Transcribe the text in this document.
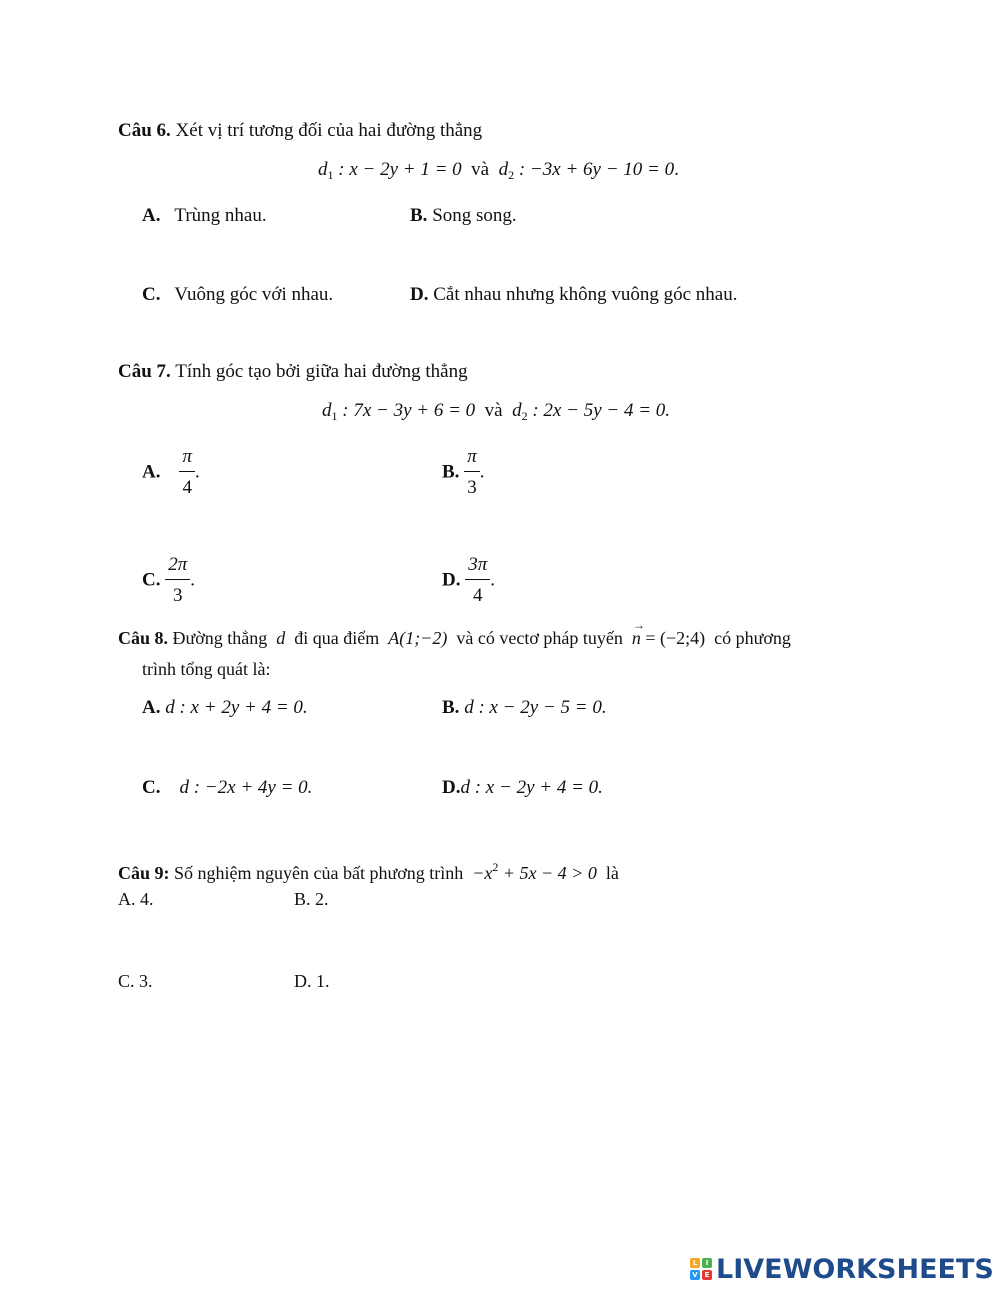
Câu 6. Xét vị trí tương đối của hai đường thẳng
$d_1$ : x − 2y + 1 = 0 và $d_2$ : −3x + 6y − 10 = 0.
A. Trùng nhau.	B. Song song.
C. Vuông góc với nhau.	D. Cắt nhau nhưng không vuông góc nhau.
Câu 7. Tính góc tạo bởi giữa hai đường thẳng
$d_1$ : 7x − 3y + 6 = 0 và $d_2$ : 2x − 5y − 4 = 0.
A. $\frac{\pi}{4}$ .	B. $\frac{\pi}{3}$ .
C. $\frac{2\pi}{3}$ .	D. $\frac{3\pi}{4}$ .
Câu 8. Đường thẳng d đi qua điểm A(1;−2) và có vectơ pháp tuyến n
→
= (−2;4) có phương
trình tổng quát là:
A. d : x + 2y + 4 = 0.	B. d : x − 2y − 5 = 0.
C. d : −2x + 4y = 0.	D.d : x − 2y + 4 = 0.
Câu 9: Số nghiệm nguyên của bất phương trình $-x^2 + 5x - 4 > 0$ là
A. 4.	B. 2.
C. 3.	D. 1.
L	I
V E LIVEWORKSHEETS
